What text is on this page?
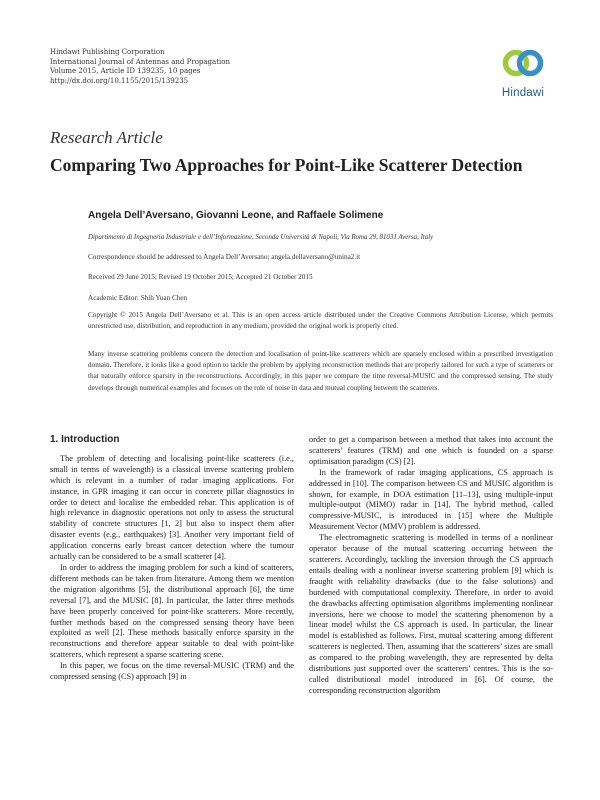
Hindawi Publishing Corporation
International Journal of Antennas and Propagation
Volume 2015, Article ID 139235, 10 pages
http://dx.doi.org/10.1155/2015/139235
Hindawi
Research Article
Comparing Two Approaches for Point-Like Scatterer Detection
Angela Dell’Aversano, Giovanni Leone, and Raffaele Solimene
Dipartimento di Ingegneria Industriale e dell’Informazione, Seconda Università di Napoli, Via Roma 29, 81031 Aversa, Italy
Correspondence should be addressed to Angela Dell’Aversano; angela.dellaversano@unina2.it
Received 29 June 2015; Revised 19 October 2015; Accepted 21 October 2015
Academic Editor: Shih Yuan Chen
Copyright © 2015 Angela Dell’Aversano et al. This is an open access article distributed under the Creative Commons Attribution License, which permits unrestricted use, distribution, and reproduction in any medium, provided the original work is properly cited.
Many inverse scattering problems concern the detection and localisation of point-like scatterers which are sparsely enclosed within a prescribed investigation domain. Therefore, it looks like a good option to tackle the problem by applying reconstruction methods that are properly tailored for such a type of scatterers or that naturally enforce sparsity in the reconstructions. Accordingly, in this paper we compare the time reversal-MUSIC and the compressed sensing. The study develops through numerical examples and focuses on the role of noise in data and mutual coupling between the scatterers.
1. Introduction

The problem of detecting and localising point-like scatterers (i.e., small in terms of wavelength) is a classical inverse scattering problem which is relevant in a number of radar imaging applications. For instance, in GPR imaging it can occur in concrete pillar diagnostics in order to detect and localise the embedded rebar. This application is of high relevance in diagnostic operations not only to assess the structural stability of concrete structures [1, 2] but also to inspect them after disaster events (e.g., earthquakes) [3]. Another very important field of application concerns early breast cancer detection where the tumour actually can be considered to be a small scatterer [4].

In order to address the imaging problem for such a kind of scatterers, different methods can be taken from literature. Among them we mention the migration algorithms [5], the distributional approach [6], the time reversal [7], and the MUSIC [8]. In particular, the latter three methods have been properly conceived for point-like scatterers. More recently, further methods based on the compressed sensing theory have been exploited as well [2]. These methods basically enforce sparsity in the reconstructions and therefore appear suitable to deal with point-like scatterers, which represent a sparse scattering scene.

In this paper, we focus on the time reversal-MUSIC (TRM) and the compressed sensing (CS) approach [9] in

order to get a comparison between a method that takes into account the scatterers’ features (TRM) and one which is founded on a sparse optimisation paradigm (CS) [2].

In the framework of radar imaging applications, CS approach is addressed in [10]. The comparison between CS and MUSIC algorithm is shown, for example, in DOA estimation [11–13], using multiple-input multiple-output (MIMO) radar in [14]. The hybrid method, called compressive-MUSIC, is introduced in [15] where the Multiple Measurement Vector (MMV) problem is addressed.

The electromagnetic scattering is modelled in terms of a nonlinear operator because of the mutual scattering occurring between the scatterers. Accordingly, tackling the inversion through the CS approach entails dealing with a nonlinear inverse scattering problem [9] which is fraught with reliability drawbacks (due to the false solutions) and burdened with computational complexity. Therefore, in order to avoid the drawbacks affecting optimisation algorithms implementing nonlinear inversions, here we choose to model the scattering phenomenon by a linear model whilst the CS approach is used. In particular, the linear model is established as follows. First, mutual scattering among different scatterers is neglected. Then, assuming that the scatterers’ sizes are small as compared to the probing wavelength, they are represented by delta distributions just supported over the scatterers’ centres. This is the so-called distributional model introduced in [6]. Of course, the corresponding reconstruction algorithm
